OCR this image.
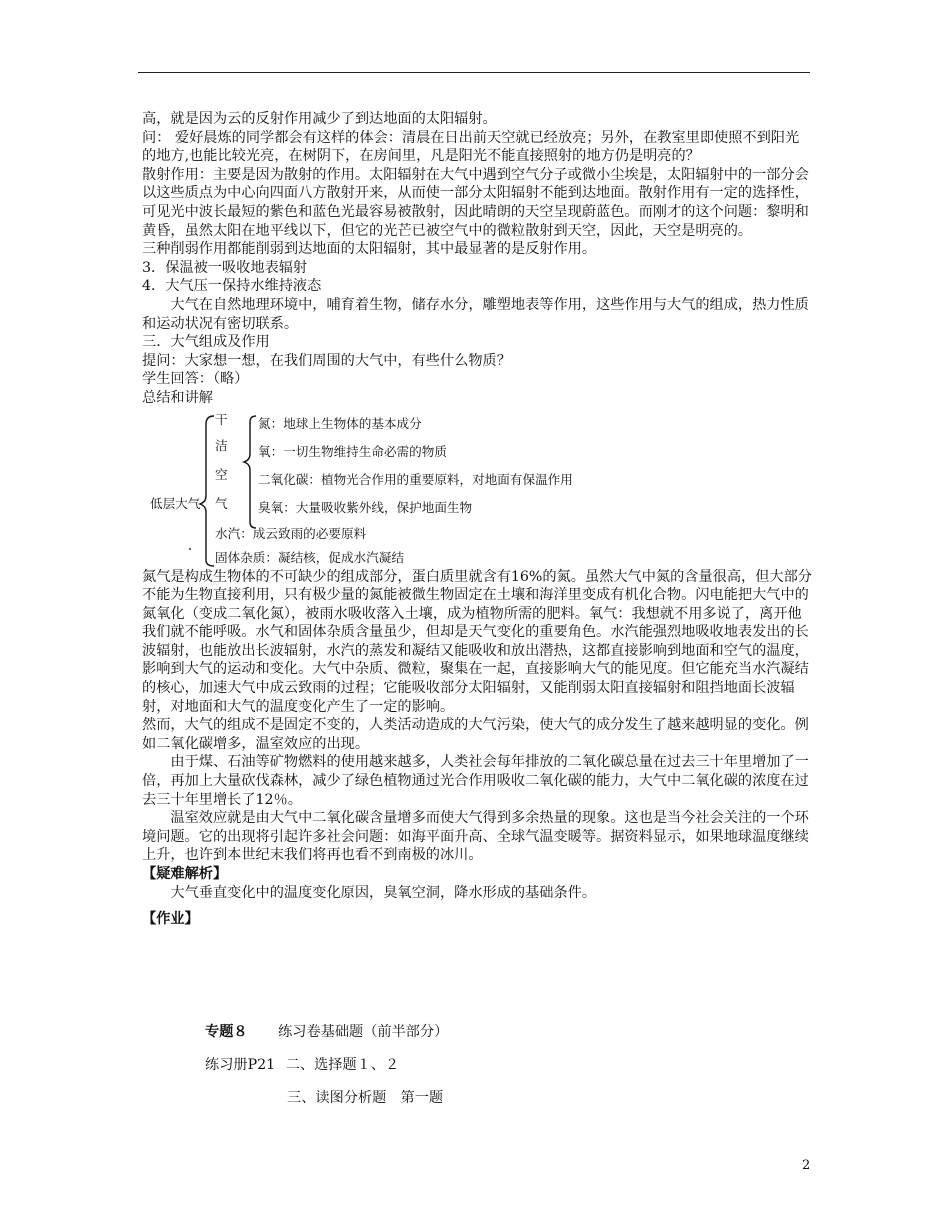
高，就是因为云的反射作用减少了到达地面的太阳辐射。

问： 爱好晨炼的同学都会有这样的体会：清晨在日出前天空就已经放亮；另外，在教室里即使照不到阳光的地方,也能比较光亮，在树阴下，在房间里，凡是阳光不能直接照射的地方仍是明亮的？

散射作用：主要是因为散射的作用。太阳辐射在大气中遇到空气分子或微小尘埃是，太阳辐射中的一部分会以这些质点为中心向四面八方散射开来，从而使一部分太阳辐射不能到达地面。散射作用有一定的选择性，可见光中波长最短的紫色和蓝色光最容易被散射，因此晴朗的天空呈现蔚蓝色。而刚才的这个问题：黎明和黄昏，虽然太阳在地平线以下，但它的光芒已被空气中的微粒散射到天空，因此，天空是明亮的。

三种削弱作用都能削弱到达地面的太阳辐射，其中最显著的是反射作用。

3．保温被一吸收地表辐射

4．大气压一保持水维持液态

大气在自然地理环境中，哺育着生物，储存水分，雕塑地表等作用，这些作用与大气的组成，热力性质和运动状况有密切联系。

三．大气组成及作用

提问：大家想一想，在我们周围的大气中，有些什么物质？

学生回答：（略）

总结和讲解

低层大气
干
洁
空
气
氮：地球上生物体的基本成分
氧：一切生物维持生命必需的物质
二氧化碳：植物光合作用的重要原料，对地面有保温作用
臭氧：大量吸收紫外线，保护地面生物
水汽：成云致雨的必要原料
固体杂质：凝结核，促成水汽凝结

氮气是构成生物体的不可缺少的组成部分，蛋白质里就含有16%的氮。虽然大气中氮的含量很高，但大部分不能为生物直接利用，只有极少量的氮能被微生物固定在土壤和海洋里变成有机化合物。闪电能把大气中的氮氧化（变成二氧化氮），被雨水吸收落入土壤，成为植物所需的肥料。氧气：我想就不用多说了，离开他我们就不能呼吸。水气和固体杂质含量虽少，但却是天气变化的重要角色。水汽能强烈地吸收地表发出的长波辐射，也能放出长波辐射，水汽的蒸发和凝结又能吸收和放出潜热，这都直接影响到地面和空气的温度，影响到大气的运动和变化。大气中杂质、微粒，聚集在一起，直接影响大气的能见度。但它能充当水汽凝结的核心，加速大气中成云致雨的过程；它能吸收部分太阳辐射，又能削弱太阳直接辐射和阻挡地面长波辐射，对地面和大气的温度变化产生了一定的影响。

然而，大气的组成不是固定不变的，人类活动造成的大气污染，使大气的成分发生了越来越明显的变化。例如二氧化碳增多，温室效应的出现。

由于煤、石油等矿物燃料的使用越来越多，人类社会每年排放的二氧化碳总量在过去三十年里增加了一倍，再加上大量砍伐森林，减少了绿色植物通过光合作用吸收二氧化碳的能力，大气中二氧化碳的浓度在过去三十年里增长了12％。

温室效应就是由大气中二氧化碳含量增多而使大气得到多余热量的现象。这也是当今社会关注的一个环境问题。它的出现将引起许多社会问题：如海平面升高、全球气温变暖等。据资料显示，如果地球温度继续上升，也许到本世纪末我们将再也看不到南极的冰川。

【疑难解析】

大气垂直变化中的温度变化原因，臭氧空洞，降水形成的基础条件。

【作业】

专题８ 练习卷基础题（前半部分）
练习册P21 二、选择题１、２
三、读图分析题　第一题
2
